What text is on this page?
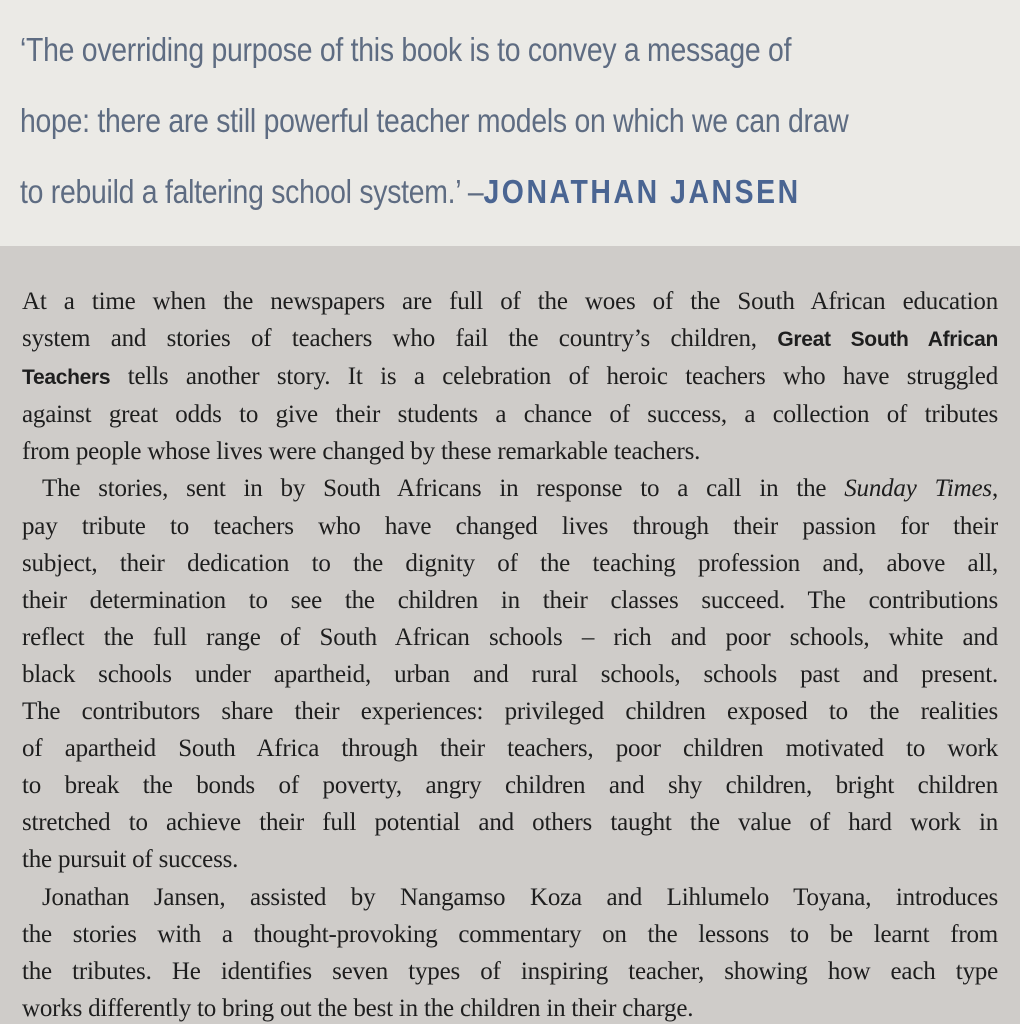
‘The overriding purpose of this book is to convey a message of
hope: there are still powerful teacher models on which we can draw
to rebuild a faltering school system.’ –JONATHAN JANSEN

At a time when the newspapers are full of the woes of the South African education
system and stories of teachers who fail the country’s children, Great South African
Teachers tells another story. It is a celebration of heroic teachers who have struggled
against great odds to give their students a chance of success, a collection of tributes
from people whose lives were changed by these remarkable teachers.

The stories, sent in by South Africans in response to a call in the Sunday Times,
pay tribute to teachers who have changed lives through their passion for their
subject, their dedication to the dignity of the teaching profession and, above all,
their determination to see the children in their classes succeed. The contributions
reflect the full range of South African schools – rich and poor schools, white and
black schools under apartheid, urban and rural schools, schools past and present.
The contributors share their experiences: privileged children exposed to the realities
of apartheid South Africa through their teachers, poor children motivated to work
to break the bonds of poverty, angry children and shy children, bright children
stretched to achieve their full potential and others taught the value of hard work in
the pursuit of success.

Jonathan Jansen, assisted by Nangamso Koza and Lihlumelo Toyana, introduces
the stories with a thought-provoking commentary on the lessons to be learnt from
the tributes. He identifies seven types of inspiring teacher, showing how each type
works differently to bring out the best in the children in their charge.
